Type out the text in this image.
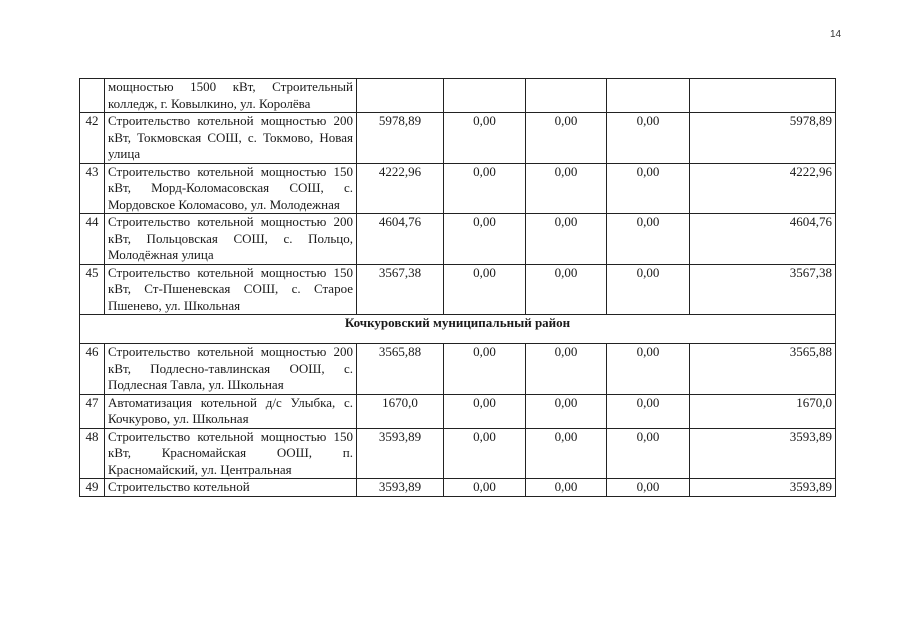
14
	мощностью 1500 кВт, Строительный колледж, г. Ковылкино, ул. Королёва					
42	Строительство котельной мощностью 200 кВт, Токмовская СОШ, с. Токмово, Новая улица	5978,89	0,00	0,00	0,00	5978,89
43	Строительство котельной мощностью 150 кВт, Морд-Коломасовская СОШ, с. Мордовское Коломасово, ул. Молодежная	4222,96	0,00	0,00	0,00	4222,96
44	Строительство котельной мощностью 200 кВт, Польцовская СОШ, с. Польцо, Молодёжная улица	4604,76	0,00	0,00	0,00	4604,76
45	Строительство котельной мощностью 150 кВт, Ст-Пшеневская СОШ, с. Старое Пшенево, ул. Школьная	3567,38	0,00	0,00	0,00	3567,38
Кочкуровский муниципальный район						
46	Строительство котельной мощностью 200 кВт, Подлесно-тавлинская ООШ, с. Подлесная Тавла, ул. Школьная	3565,88	0,00	0,00	0,00	3565,88
47	Автоматизация котельной д/с Улыбка, с. Кочкурово, ул. Школьная	1670,0	0,00	0,00	0,00	1670,0
48	Строительство котельной мощностью 150 кВт, Красномайская ООШ, п. Красномайский, ул. Центральная	3593,89	0,00	0,00	0,00	3593,89
49	Строительство котельной	3593,89	0,00	0,00	0,00	3593,89
